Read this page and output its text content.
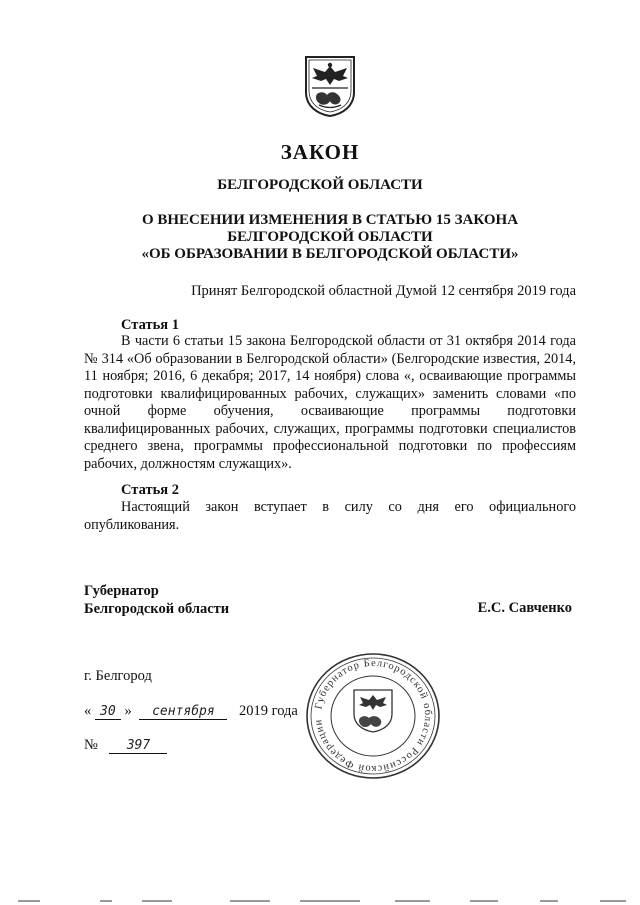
ЗАКОН
БЕЛГОРОДСКОЙ ОБЛАСТИ
О ВНЕСЕНИИ ИЗМЕНЕНИЯ В СТАТЬЮ 15 ЗАКОНА
БЕЛГОРОДСКОЙ ОБЛАСТИ
«ОБ ОБРАЗОВАНИИ В БЕЛГОРОДСКОЙ ОБЛАСТИ»
Принят Белгородской областной Думой 12 сентября 2019 года
Статья 1
В части 6 статьи 15 закона Белгородской области от 31 октября 2014 года № 314 «Об образовании в Белгородской области» (Белгородские известия, 2014, 11 ноября; 2016, 6 декабря; 2017, 14 ноября) слова «, осваивающие программы подготовки квалифицированных рабочих, служащих» заменить словами «по очной форме обучения, осваивающие программы подготовки квалифицированных рабочих, служащих, программы подготовки специалистов среднего звена, программы профессиональной подготовки по профессиям рабочих, должностям служащих».
Статья 2
Настоящий закон вступает в силу со дня его официального опубликования.
Губернатор
Белгородской области	Е.С. Савченко
г. Белгород
« 30 » сентября 2019 года
№ 397
Губернатор Белгородской области Российской Федерации
